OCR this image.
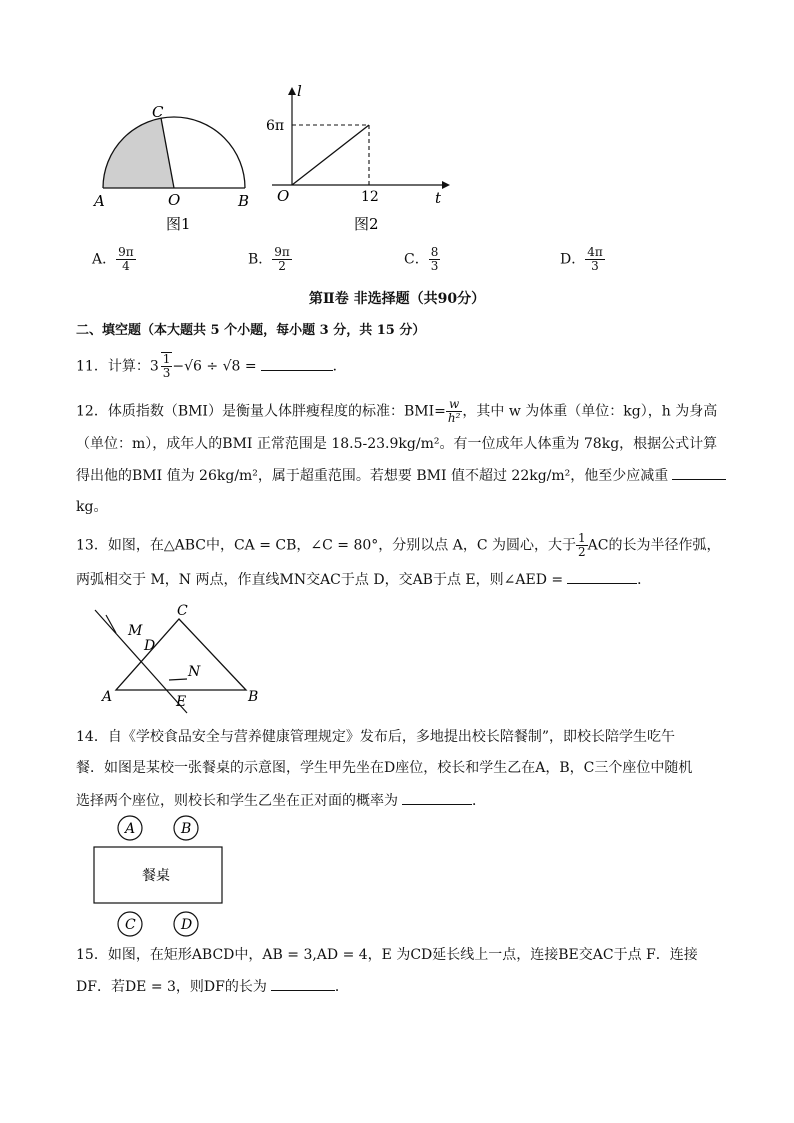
C
A	O	B
图1
l
6π
O	12	t
图2
A． $\frac{9\pi}{4}$	B． $\frac{9\pi}{2}$	C． $\frac{8}{3}$	D． $\frac{4\pi}{3}$
第Ⅱ卷 非选择题（共90分）
二、填空题（本大题共 5 个小题，每小题 3 分，共 15 分）
11．计算：$3 \frac{1}{3} -√6 \div √8$ =	．
12．体质指数（BMI）是衡量人体胖瘦程度的标准：$BMI= \frac{w}{\text{h²}}$ ，其中 w 为体重（单位：kg），h 为身高
（单位：m），成年人的BMI 正常范围是 18.5-23.9kg/m²。有一位成年人体重为 78kg，根据公式计算
得出他的BMI 值为 26kg/m²，属于超重范围。若想要 BMI 值不超过 22kg/m²，他至少应减重
kg。
13．如图，在△ABC中，CA = CB，∠C = 80°，分别以点 A，C 为圆心，大于 $\frac{1}{2}$ AC的长为半径作弧，
两弧相交于 M，N 两点，作直线MN交AC于点 D，交AB于点 E，则∠AED =	．
C
M
D
N
A	E	B
14．自《学校食品安全与营养健康管理规定》发布后，多地提出校长陪餐制”，即校长陪学生吃午
餐．如图是某校一张餐桌的示意图，学生甲先坐在D座位，校长和学生乙在A，B，C三个座位中随机
选择两个座位，则校长和学生乙坐在正对面的概率为	．
A	B
餐桌
C	D
15．如图，在矩形ABCD中，AB = 3,AD = 4，E 为CD延长线上一点，连接BE交AC于点 F．连接
DF．若DE = 3，则DF的长为	．
